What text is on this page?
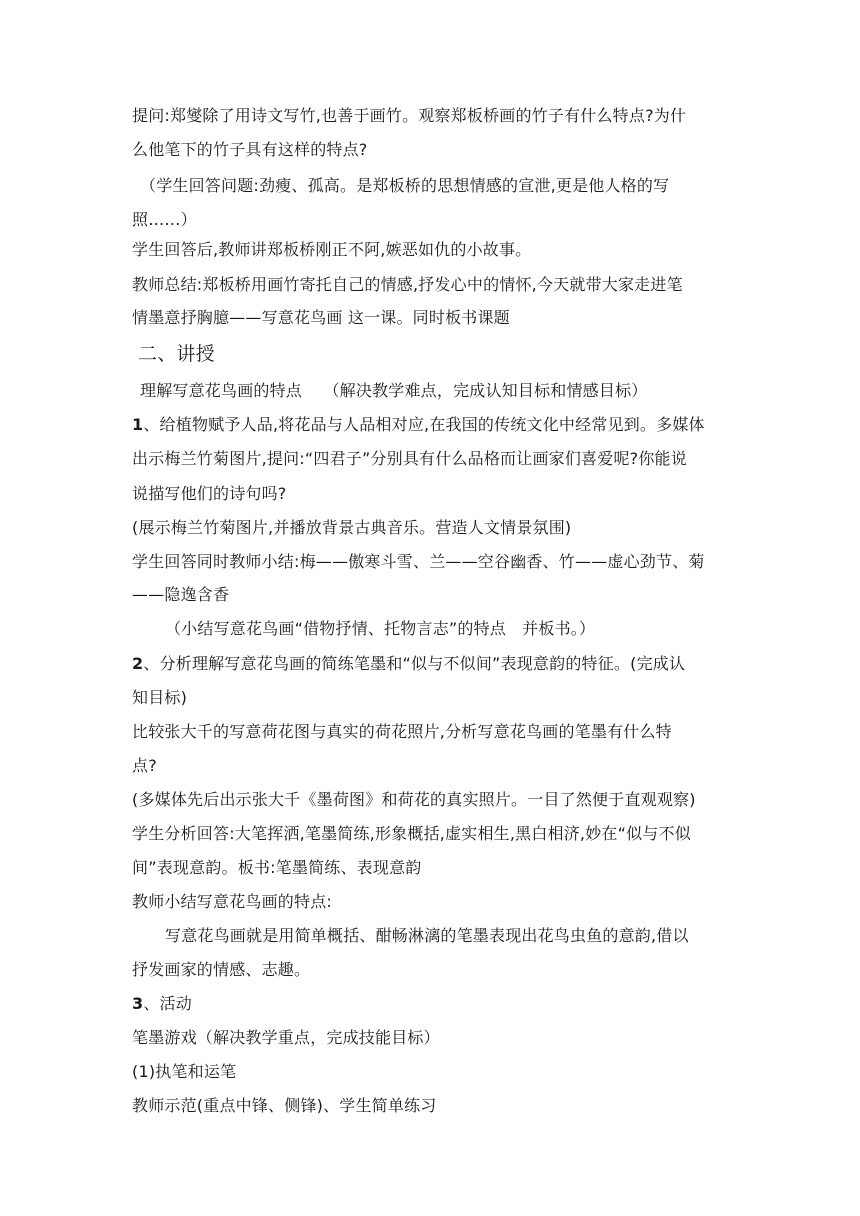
提问:郑燮除了用诗文写竹,也善于画竹。观察郑板桥画的竹子有什么特点?为什
么他笔下的竹子具有这样的特点?
（学生回答问题:劲瘦、孤高。是郑板桥的思想情感的宣泄,更是他人格的写
照……）
学生回答后,教师讲郑板桥刚正不阿,嫉恶如仇的小故事。
教师总结:郑板桥用画竹寄托自己的情感,抒发心中的情怀,今天就带大家走进笔
情墨意抒胸臆——写意花鸟画 这一课。同时板书课题
二、讲授
理解写意花鸟画的特点　 （解决教学难点，完成认知目标和情感目标）
1、给植物赋予人品,将花品与人品相对应,在我国的传统文化中经常见到。多媒体
出示梅兰竹菊图片,提问:“四君子”分别具有什么品格而让画家们喜爱呢?你能说
说描写他们的诗句吗?
(展示梅兰竹菊图片,并播放背景古典音乐。营造人文情景氛围)
学生回答同时教师小结:梅——傲寒斗雪、兰——空谷幽香、竹——虚心劲节、菊
——隐逸含香
（小结写意花鸟画“借物抒情、托物言志”的特点　并板书。）
2、分析理解写意花鸟画的简练笔墨和“似与不似间”表现意韵的特征。(完成认
知目标)
比较张大千的写意荷花图与真实的荷花照片,分析写意花鸟画的笔墨有什么特
点?
(多媒体先后出示张大千《墨荷图》和荷花的真实照片。一目了然便于直观观察)
学生分析回答:大笔挥洒,笔墨简练,形象概括,虚实相生,黑白相济,妙在“似与不似
间”表现意韵。板书:笔墨简练、表现意韵
教师小结写意花鸟画的特点:
写意花鸟画就是用简单概括、酣畅淋漓的笔墨表现出花鸟虫鱼的意韵,借以
抒发画家的情感、志趣。
3、活动
笔墨游戏（解决教学重点，完成技能目标）
(1)执笔和运笔
教师示范(重点中锋、侧锋)、学生简单练习
